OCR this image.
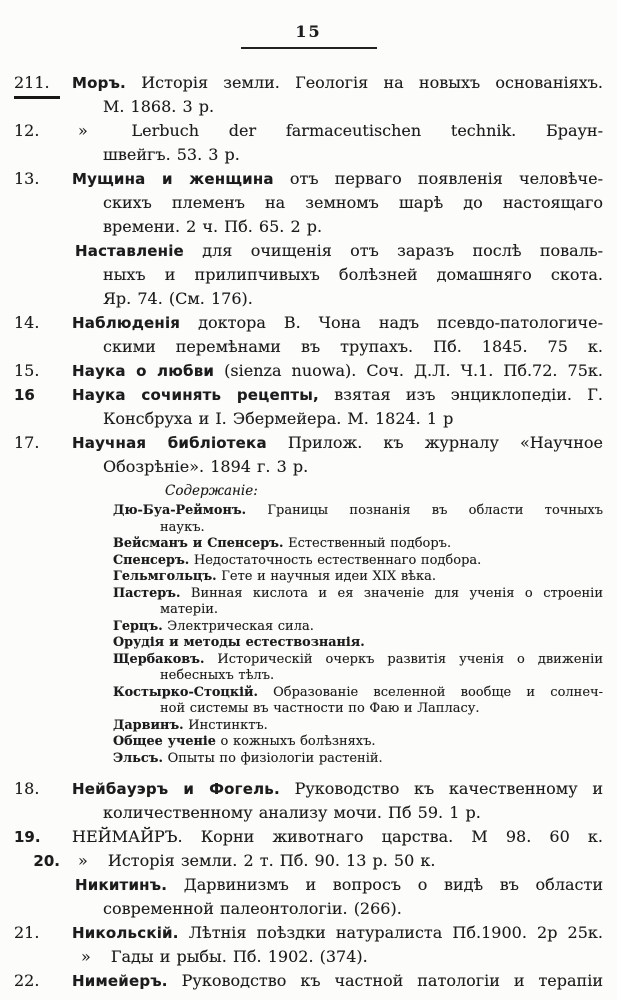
15
211.	Моръ. Исторія земли. Геологія на новыхъ основаніяхъ.
М. 1868. 3 р.
12.	»	Lerbuch der farmaceutischen technik. Браун-
швейгъ. 53. 3 р.
13.	Мущина и женщина отъ перваго появленія человѣче-
скихъ племенъ на земномъ шарѣ до настоящаго
времени. 2 ч. Пб. 65. 2 р.
Наставленіе для очищенія отъ заразъ послѣ поваль-
ныхъ и прилипчивыхъ болѣзней домашняго скота.
Яр. 74. (См. 176).
14.	Наблюденія доктора В. Чона надъ псевдо-патологиче-
скими перемѣнами въ трупахъ. Пб. 1845. 75 к.
15.	Наука о любви (sienza nuowa). Соч. Д.Л. Ч.1. Пб.72. 75к.
16	Наука сочинять рецепты, взятая изъ энциклопедіи. Г.
Консбруха и І. Эбермейера. М. 1824. 1 р
17.	Научная библіотека Прилож. къ журналу «Научное
Обозрѣніе». 1894 г. 3 р.
Содержаніе:
Дю-Буа-Реймонъ. Границы познанія въ области точныхъ
наукъ.
Вейсманъ и Спенсеръ. Естественный подборъ.
Спенсеръ. Недостаточность естественнаго подбора.
Гельмгольцъ. Гете и научныя идеи XIX вѣка.
Пастеръ. Винная кислота и ея значеніе для ученія о строеніи
матеріи.
Герцъ. Электрическая сила.
Орудія и методы естествознанія.
Щербаковъ. Историческій очеркъ развитія ученія о движеніи
небесныхъ тѣлъ.
Костырко-Стоцкій. Образованіе вселенной вообще и солнеч-
ной системы въ частности по Фаю и Лапласу.
Дарвинъ. Инстинктъ.
Общее ученіе о кожныхъ болѣзняхъ.
Эльсъ. Опыты по физіологіи растеній.
18.	Нейбауэръ и Фогель. Руководство къ качественному и
количественному анализу мочи. Пб 59. 1 р.
19.	НЕЙМАЙРЪ. Корни животнаго царства. М 98. 60 к.
20. » Исторія земли. 2 т. Пб. 90. 13 р. 50 к.
Никитинъ. Дарвинизмъ и вопросъ о видѣ въ области
современной палеонтологіи. (266).
21.	Никольскій. Лѣтнія поѣздки натуралиста Пб.1900. 2р 25к.
» Гады и рыбы. Пб. 1902. (374).
22.	Нимейеръ. Руководство къ частной патологіи и терапіи
